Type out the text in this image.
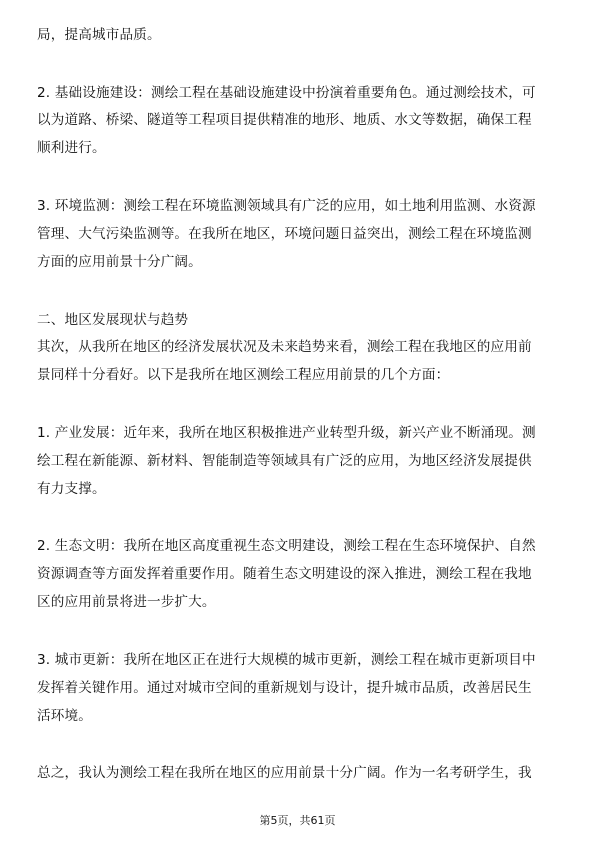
局，提高城市品质。
2. 基础设施建设：测绘工程在基础设施建设中扮演着重要角色。通过测绘技术，可
以为道路、桥梁、隧道等工程项目提供精准的地形、地质、水文等数据，确保工程
顺利进行。
3. 环境监测：测绘工程在环境监测领域具有广泛的应用，如土地利用监测、水资源
管理、大气污染监测等。在我所在地区，环境问题日益突出，测绘工程在环境监测
方面的应用前景十分广阔。
二、地区发展现状与趋势
其次，从我所在地区的经济发展状况及未来趋势来看，测绘工程在我地区的应用前
景同样十分看好。以下是我所在地区测绘工程应用前景的几个方面：
1. 产业发展：近年来，我所在地区积极推进产业转型升级，新兴产业不断涌现。测
绘工程在新能源、新材料、智能制造等领域具有广泛的应用，为地区经济发展提供
有力支撑。
2. 生态文明：我所在地区高度重视生态文明建设，测绘工程在生态环境保护、自然
资源调查等方面发挥着重要作用。随着生态文明建设的深入推进，测绘工程在我地
区的应用前景将进一步扩大。
3. 城市更新：我所在地区正在进行大规模的城市更新，测绘工程在城市更新项目中
发挥着关键作用。通过对城市空间的重新规划与设计，提升城市品质，改善居民生
活环境。
总之，我认为测绘工程在我所在地区的应用前景十分广阔。作为一名考研学生，我
第5页，共61页
